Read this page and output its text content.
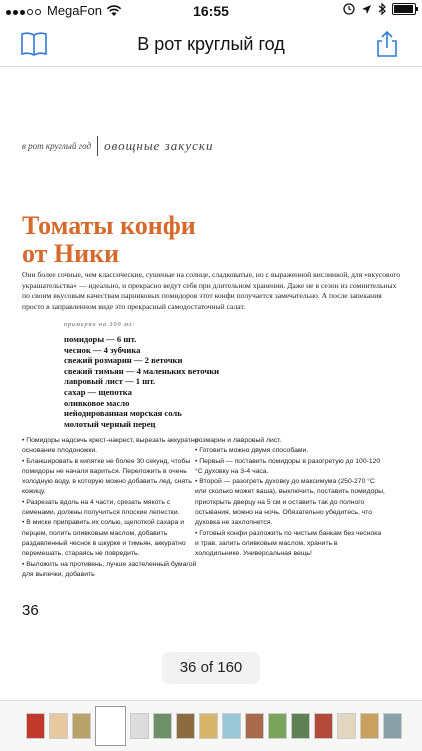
MegaFon	16:55
В рот круглый год
в рот круглый год овощные закуски
Томаты конфи
от Ники
Они более сочные, чем классические, сушеные на солнце, сладковатые, но с выраженной кислинкой, для «вкусового украшательства» — идеально, и прекрасно ведут себя при длительном хранении. Даже не в сезон из сомнительных по своим вкусовым качествам парниковых помидоров этот конфи получается замечательно. А после запекания просто в заправленном виде это прекрасный самодостаточный салат.
примерно на 300 мл:
помидоры — 6 шт.
чеснок — 4 зубчика
свежий розмарин — 2 веточки
свежий тимьян — 4 маленьких веточки
лавровый лист — 1 шт.
сахар — щепотка
оливковое масло
нейодированная морская соль
молотый черный перец

• Помидоры надсечь крест-накрест, вырезать аккуратно основание плодоножки.

• Бланшировать в кипятке не более 30 секунд, чтобы помидоры не начали вариться. Переложить в очень холодную воду, в которую можно добавить лед, снять кожицу.

• Разрезать вдоль на 4 части, срезать мякоть с семенами, должны получиться плоские лепестки.

• В миске приправить их солью, щепоткой сахара и перцем, полить оливковым маслом, добавить раздавленный чеснок в шкурке и тимьян, аккуратно перемешать, стараясь не повредить.

• Выложить на противень, лучше застеленный бумагой для выпечки, добавить

розмарин и лавровый лист.

• Готовить можно двумя способами.

• Первый — поставить помидоры в разогретую до 100-120 °С духовку на 3-4 часа.

• Второй — разогреть духовку до максимума (250-270 °С или сколько может ваша), выключить, поставить помидоры, приоткрыть дверцу на 5 см и оставить так до полного остывания, можно на ночь. Обязательно убедитесь, что духовка не захлопнется.

• Готовый конфи разложить по чистым банкам без чеснока и трав, залить оливковым маслом, хранить в холодильнике. Универсальная вещь!

36
36 of 160
